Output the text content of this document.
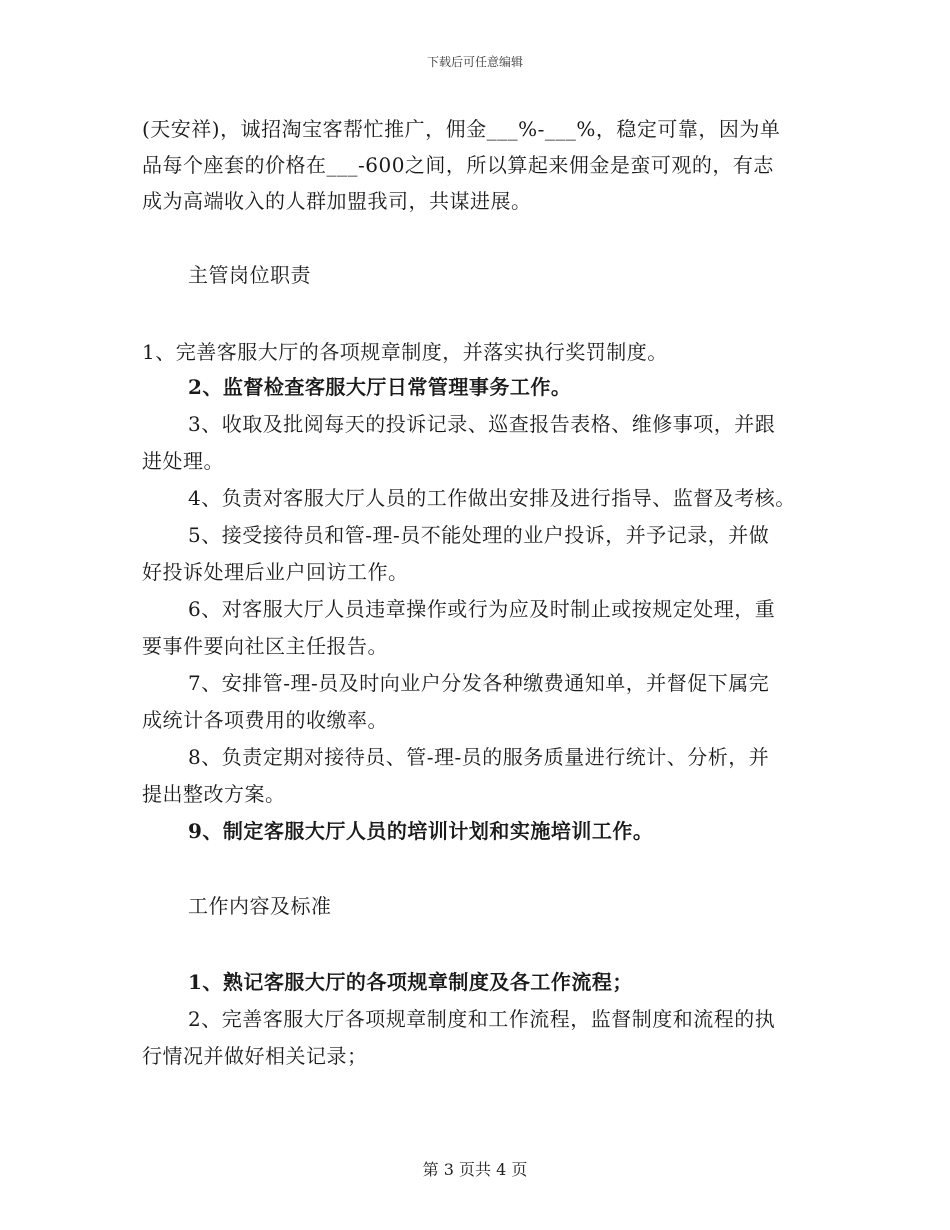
下载后可任意编辑
(天安祥)，诚招淘宝客帮忙推广，佣金___%-___%，稳定可靠，因为单
品每个座套的价格在___-600之间，所以算起来佣金是蛮可观的，有志
成为高端收入的人群加盟我司，共谋进展。
主管岗位职责
1、完善客服大厅的各项规章制度，并落实执行奖罚制度。
2、监督检查客服大厅日常管理事务工作。
3、收取及批阅每天的投诉记录、巡查报告表格、维修事项，并跟
进处理。
4、负责对客服大厅人员的工作做出安排及进行指导、监督及考核。
5、接受接待员和管-理-员不能处理的业户投诉，并予记录，并做
好投诉处理后业户回访工作。
6、对客服大厅人员违章操作或行为应及时制止或按规定处理，重
要事件要向社区主任报告。
7、安排管-理-员及时向业户分发各种缴费通知单，并督促下属完
成统计各项费用的收缴率。
8、负责定期对接待员、管-理-员的服务质量进行统计、分析，并
提出整改方案。
9、制定客服大厅人员的培训计划和实施培训工作。
工作内容及标准
1、熟记客服大厅的各项规章制度及各工作流程；
2、完善客服大厅各项规章制度和工作流程，监督制度和流程的执
行情况并做好相关记录；
第 3 页共 4 页
